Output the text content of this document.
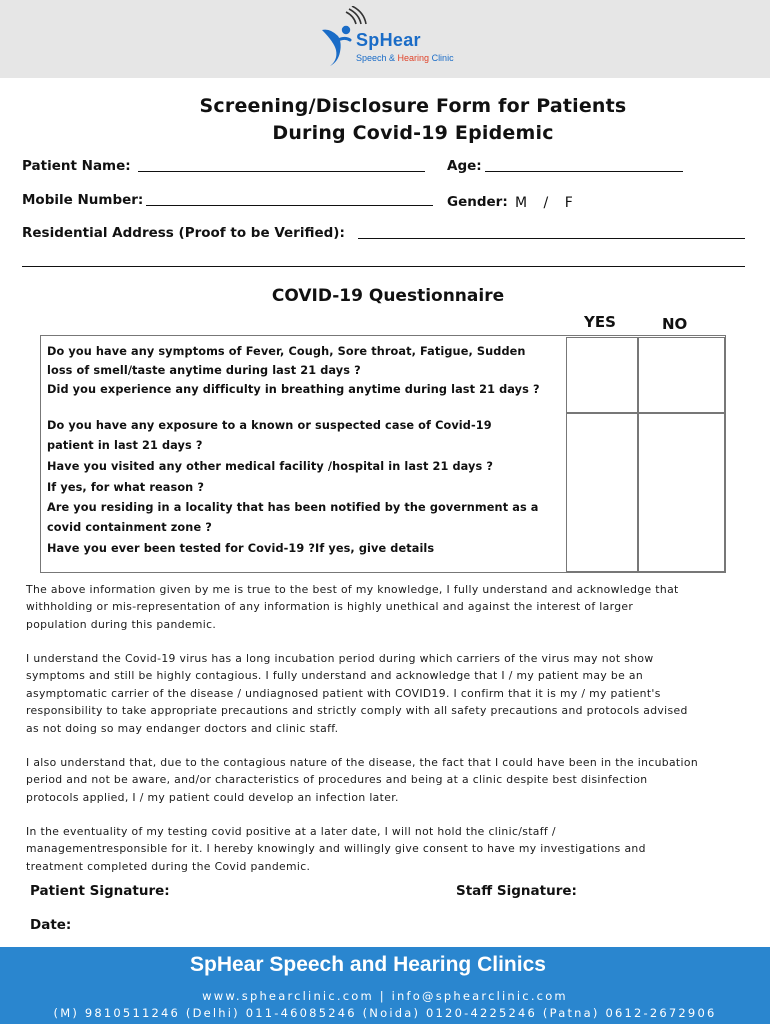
SpHear
Speech & Hearing Clinic
Screening/Disclosure Form for Patients
During Covid-19 Epidemic
Patient Name:	Age:
Mobile Number:	Gender: M / F
Residential Address (Proof to be Verified):
COVID-19 Questionnaire
YES	NO
Do you have any symptoms of Fever, Cough, Sore throat, Fatigue, Sudden
loss of smell/taste anytime during last 21 days ?
Did you experience any difficulty in breathing anytime during last 21 days ?
Do you have any exposure to a known or suspected case of Covid-19
patient in last 21 days ?
Have you visited any other medical facility /hospital in last 21 days ?
If yes, for what reason ?
Are you residing in a locality that has been notified by the government as a
covid containment zone ?
Have you ever been tested for Covid-19 ?If yes, give details
The above information given by me is true to the best of my knowledge, I fully understand and acknowledge that
withholding or mis-representation of any information is highly unethical and against the interest of larger
population during this pandemic.
I understand the Covid-19 virus has a long incubation period during which carriers of the virus may not show
symptoms and still be highly contagious. I fully understand and acknowledge that I / my patient may be an
asymptomatic carrier of the disease / undiagnosed patient with COVID19. I confirm that it is my / my patient's
responsibility to take appropriate precautions and strictly comply with all safety precautions and protocols advised
as not doing so may endanger doctors and clinic staff.
I also understand that, due to the contagious nature of the disease, the fact that I could have been in the incubation
period and not be aware, and/or characteristics of procedures and being at a clinic despite best disinfection
protocols applied, I / my patient could develop an infection later.
In the eventuality of my testing covid positive at a later date, I will not hold the clinic/staff /
managementresponsible for it. I hereby knowingly and willingly give consent to have my investigations and
treatment completed during the Covid pandemic.
Patient Signature:	Staff Signature:
Date:
SpHear Speech and Hearing Clinics
www.sphearclinic.com | info@sphearclinic.com
(M) 9810511246 (Delhi) 011-46085246 (Noida) 0120-4225246 (Patna) 0612-2672906
